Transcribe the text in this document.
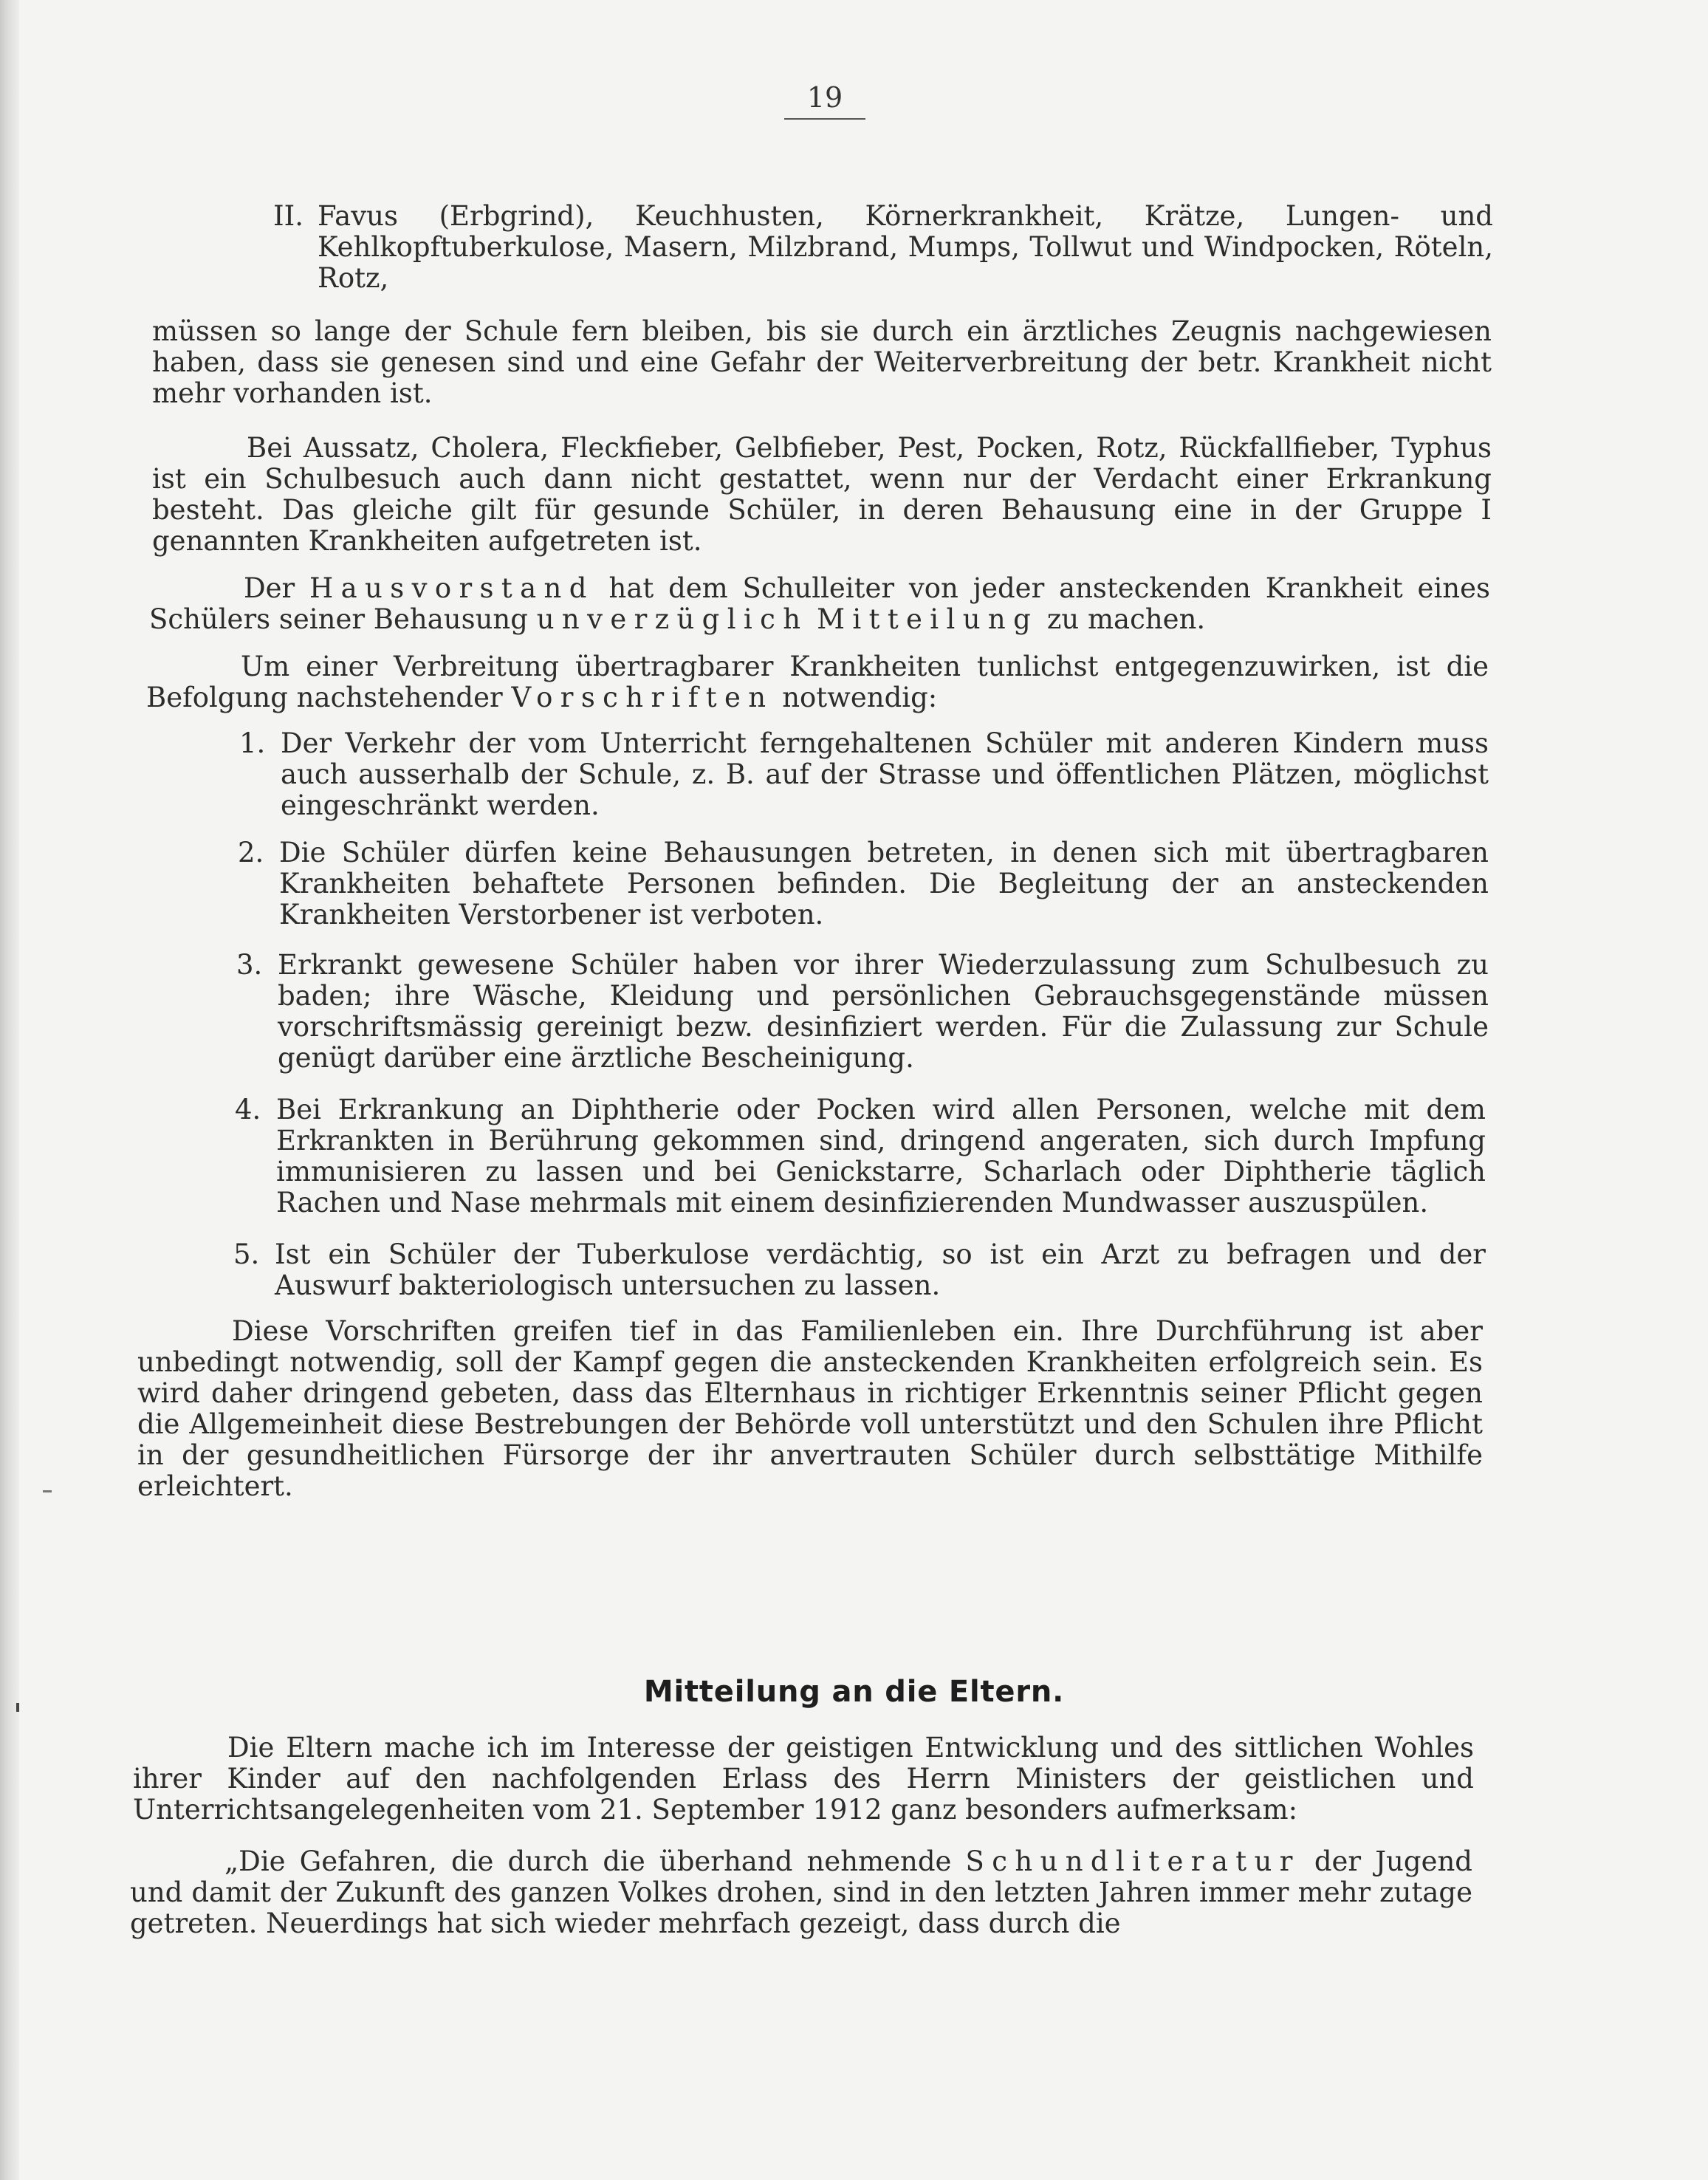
19

II. Favus (Erbgrind), Keuchhusten, Körnerkrankheit, Krätze, Lungen- und Kehlkopftuberkulose, Masern, Milzbrand, Mumps, Tollwut und Windpocken, Röteln, Rotz,

müssen so lange der Schule fern bleiben, bis sie durch ein ärztliches Zeugnis nachgewiesen haben, dass sie genesen sind und eine Gefahr der Weiterverbreitung der betr. Krankheit nicht mehr vorhanden ist.

Bei Aussatz, Cholera, Fleckfieber, Gelbfieber, Pest, Pocken, Rotz, Rückfallfieber, Typhus ist ein Schulbesuch auch dann nicht gestattet, wenn nur der Verdacht einer Erkrankung besteht. Das gleiche gilt für gesunde Schüler, in deren Behausung eine in der Gruppe I genannten Krankheiten aufgetreten ist.

Der Hausvorstand hat dem Schulleiter von jeder ansteckenden Krankheit eines Schülers seiner Behausung unverzüglich Mitteilung zu machen.

Um einer Verbreitung übertragbarer Krankheiten tunlichst entgegenzuwirken, ist die Befolgung nachstehender Vorschriften notwendig:

1. Der Verkehr der vom Unterricht ferngehaltenen Schüler mit anderen Kindern muss auch ausserhalb der Schule, z. B. auf der Strasse und öffentlichen Plätzen, möglichst eingeschränkt werden.

2. Die Schüler dürfen keine Behausungen betreten, in denen sich mit übertragbaren Krankheiten behaftete Personen befinden. Die Begleitung der an ansteckenden Krankheiten Verstorbener ist verboten.

3. Erkrankt gewesene Schüler haben vor ihrer Wiederzulassung zum Schulbesuch zu baden; ihre Wäsche, Kleidung und persönlichen Gebrauchsgegenstände müssen vorschriftsmässig gereinigt bezw. desinfiziert werden. Für die Zulassung zur Schule genügt darüber eine ärztliche Bescheinigung.

4. Bei Erkrankung an Diphtherie oder Pocken wird allen Personen, welche mit dem Erkrankten in Berührung gekommen sind, dringend angeraten, sich durch Impfung immunisieren zu lassen und bei Genickstarre, Scharlach oder Diphtherie täglich Rachen und Nase mehrmals mit einem desinfizierenden Mundwasser auszuspülen.

5. Ist ein Schüler der Tuberkulose verdächtig, so ist ein Arzt zu befragen und der Auswurf bakteriologisch untersuchen zu lassen.

Diese Vorschriften greifen tief in das Familienleben ein. Ihre Durchführung ist aber unbedingt notwendig, soll der Kampf gegen die ansteckenden Krankheiten erfolgreich sein. Es wird daher dringend gebeten, dass das Elternhaus in richtiger Erkenntnis seiner Pflicht gegen die Allgemeinheit diese Bestrebungen der Behörde voll unterstützt und den Schulen ihre Pflicht in der gesundheitlichen Fürsorge der ihr anvertrauten Schüler durch selbsttätige Mithilfe erleichtert.

Mitteilung an die Eltern.

Die Eltern mache ich im Interesse der geistigen Entwicklung und des sittlichen Wohles ihrer Kinder auf den nachfolgenden Erlass des Herrn Ministers der geistlichen und Unterrichtsangelegenheiten vom 21. September 1912 ganz besonders aufmerksam:

„Die Gefahren, die durch die überhand nehmende Schundliteratur der Jugend und damit der Zukunft des ganzen Volkes drohen, sind in den letzten Jahren immer mehr zutage getreten. Neuerdings hat sich wieder mehrfach gezeigt, dass durch die
